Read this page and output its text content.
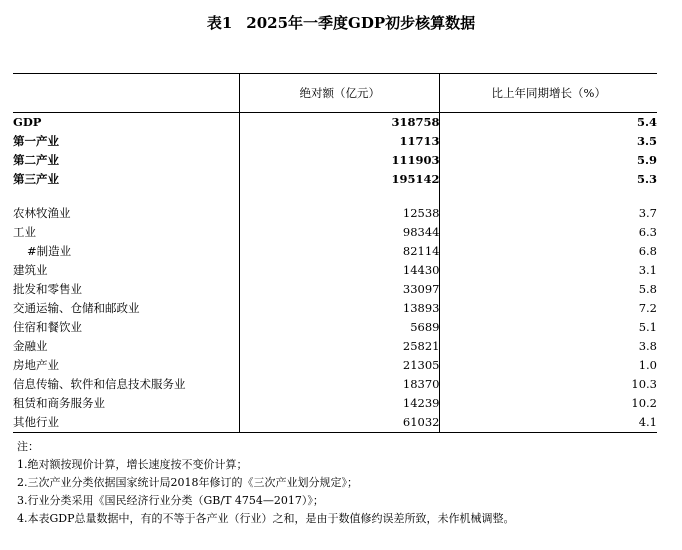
表1 2025年一季度GDP初步核算数据
	绝对额（亿元）	比上年同期增长（%）
GDP	318758	5.4
第一产业	11713	3.5
第二产业	111903	5.9
第三产业	195142	5.3

农林牧渔业	12538	3.7
工业	98344	6.3
#制造业	82114	6.8
建筑业	14430	3.1
批发和零售业	33097	5.8
交通运输、仓储和邮政业	13893	7.2
住宿和餐饮业	5689	5.1
金融业	25821	3.8
房地产业	21305	1.0
信息传输、软件和信息技术服务业	18370	10.3
租赁和商务服务业	14239	10.2
其他行业	61032	4.1
注：
1.绝对额按现价计算，增长速度按不变价计算；
2.三次产业分类依据国家统计局2018年修订的《三次产业划分规定》；
3.行业分类采用《国民经济行业分类（GB/T 4754—2017）》；
4.本表GDP总量数据中，有的不等于各产业（行业）之和，是由于数值修约误差所致，未作机械调整。
